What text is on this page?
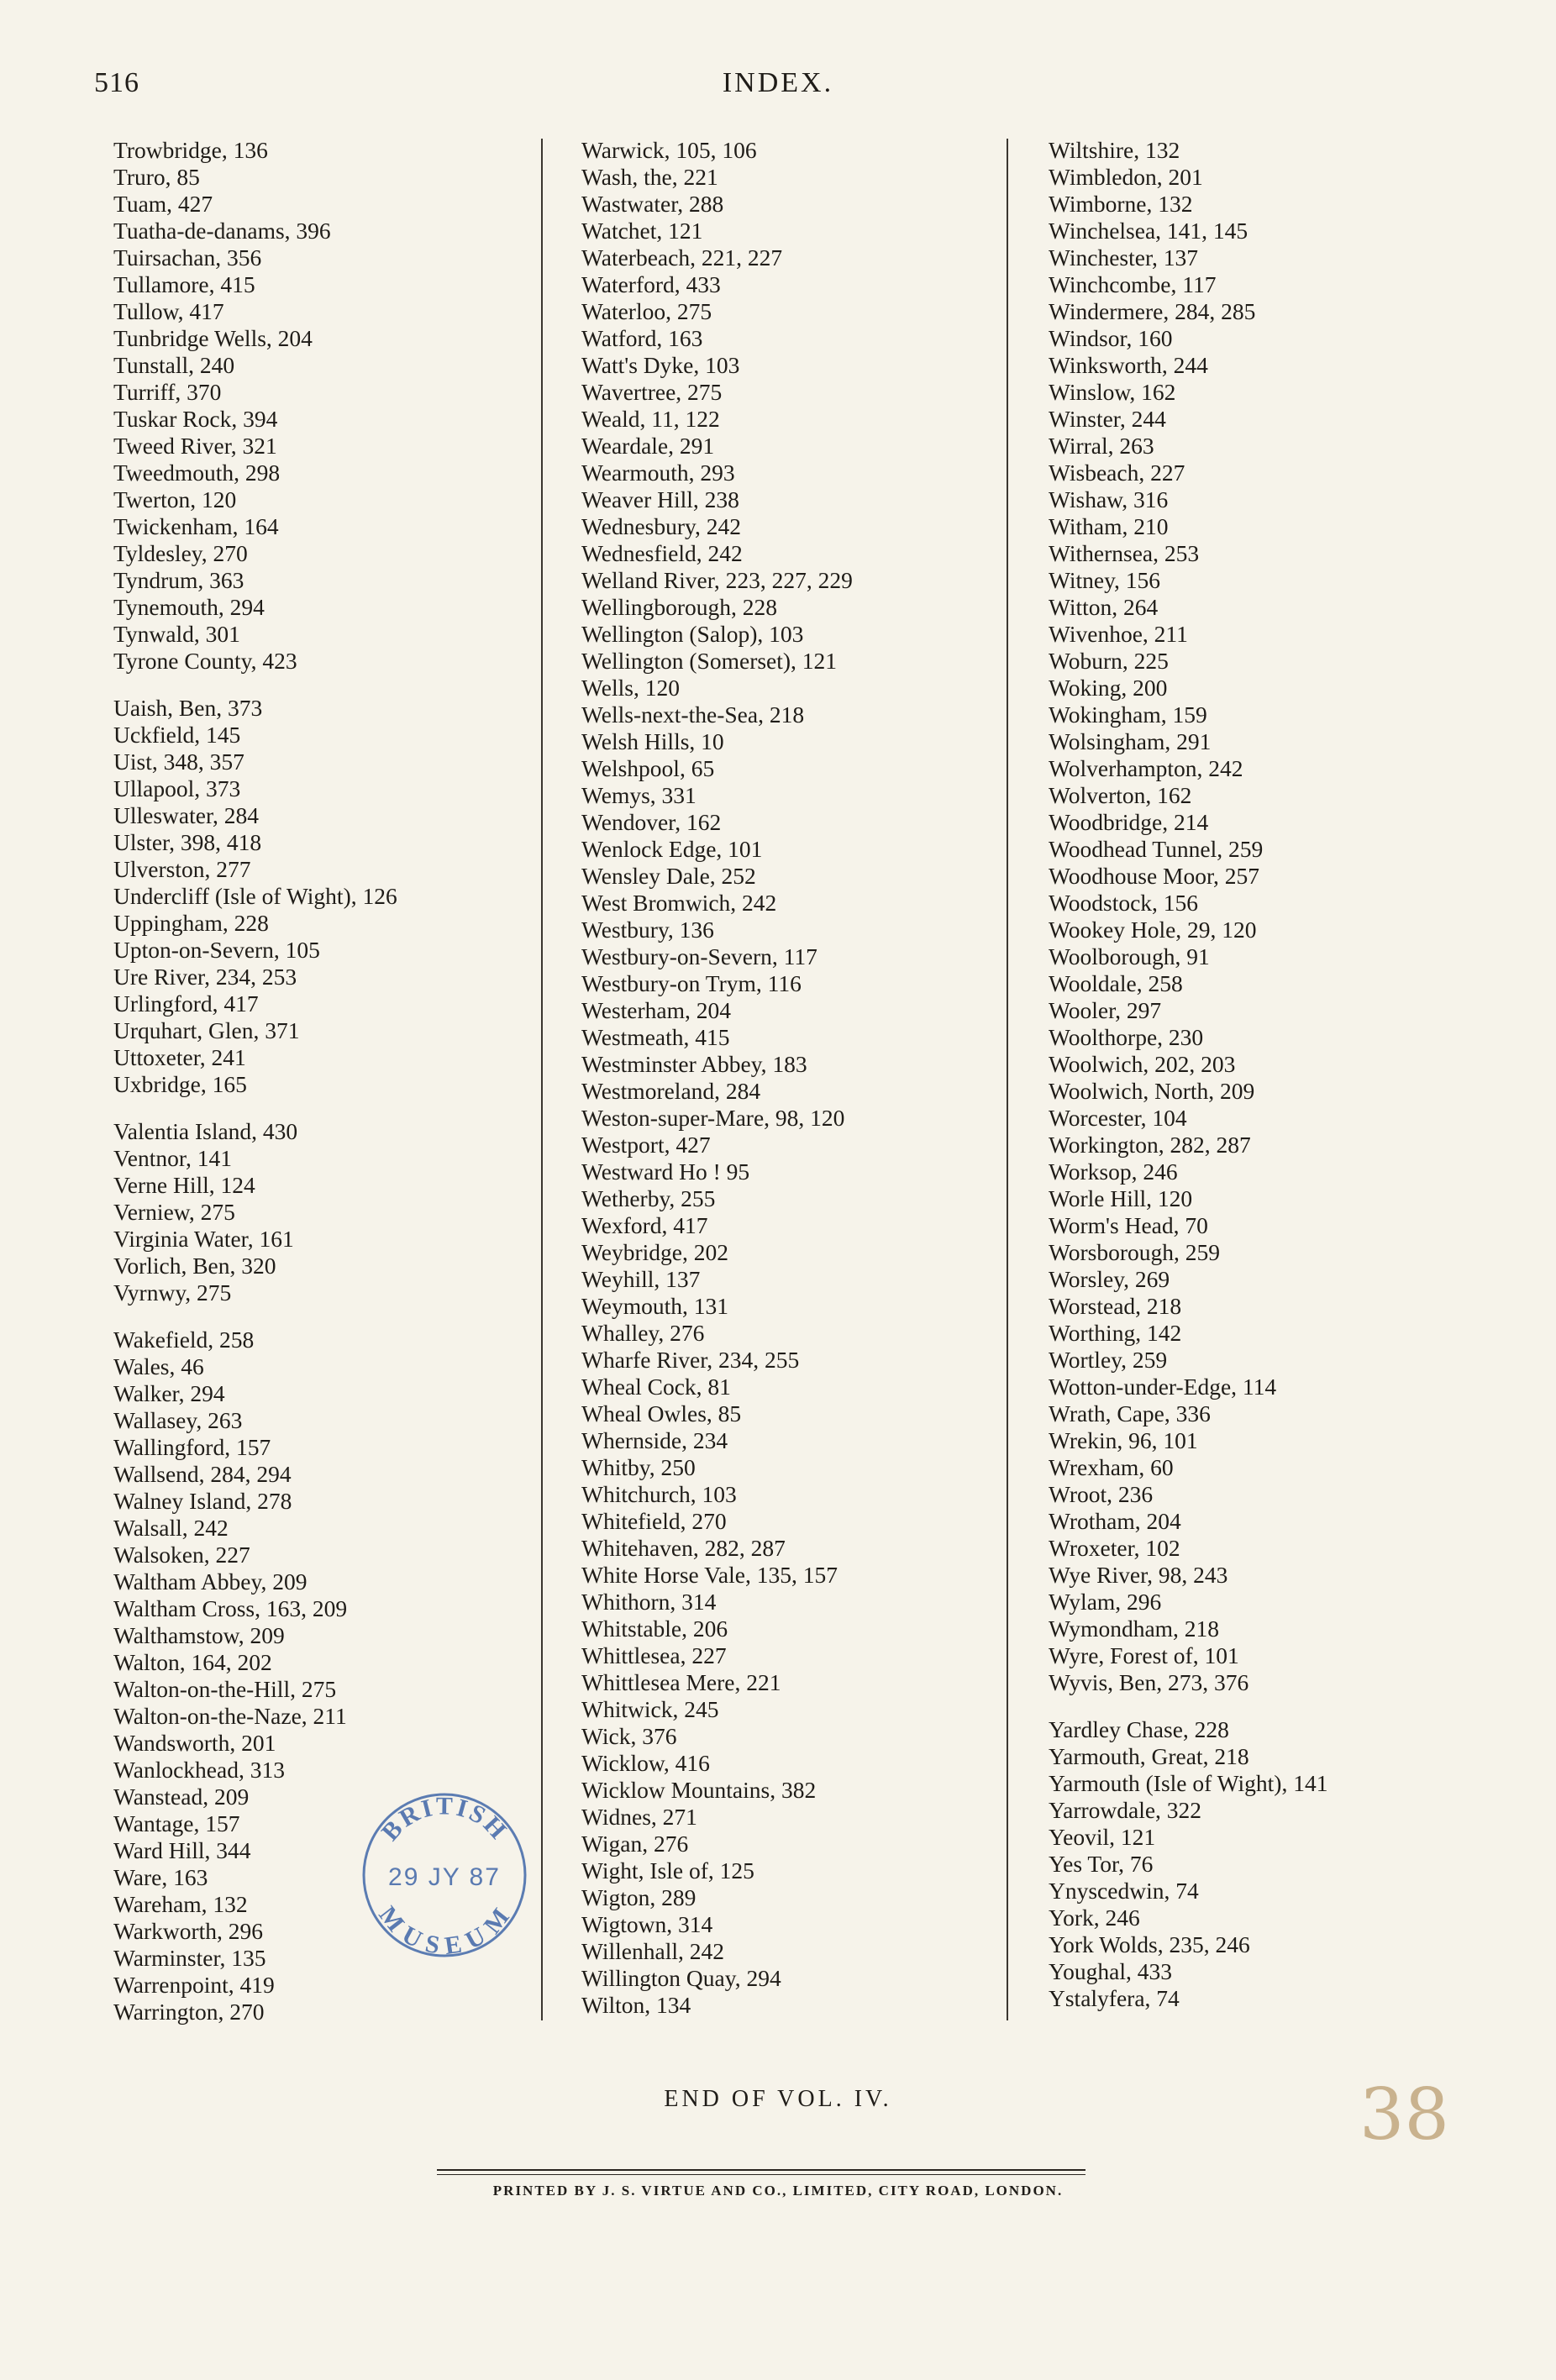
516	INDEX.
Trowbridge, 136
Truro, 85
Tuam, 427
Tuatha-de-danams, 396
Tuirsachan, 356
Tullamore, 415
Tullow, 417
Tunbridge Wells, 204
Tunstall, 240
Turriff, 370
Tuskar Rock, 394
Tweed River, 321
Tweedmouth, 298
Twerton, 120
Twickenham, 164
Tyldesley, 270
Tyndrum, 363
Tynemouth, 294
Tynwald, 301
Tyrone County, 423
Uaish, Ben, 373
Uckfield, 145
Uist, 348, 357
Ullapool, 373
Ulleswater, 284
Ulster, 398, 418
Ulverston, 277
Undercliff (Isle of Wight), 126
Uppingham, 228
Upton-on-Severn, 105
Ure River, 234, 253
Urlingford, 417
Urquhart, Glen, 371
Uttoxeter, 241
Uxbridge, 165
Valentia Island, 430
Ventnor, 141
Verne Hill, 124
Verniew, 275
Virginia Water, 161
Vorlich, Ben, 320
Vyrnwy, 275
Wakefield, 258
Wales, 46
Walker, 294
Wallasey, 263
Wallingford, 157
Wallsend, 284, 294
Walney Island, 278
Walsall, 242
Walsoken, 227
Waltham Abbey, 209
Waltham Cross, 163, 209
Walthamstow, 209
Walton, 164, 202
Walton-on-the-Hill, 275
Walton-on-the-Naze, 211
Wandsworth, 201
Wanlockhead, 313
Wanstead, 209
Wantage, 157
Ward Hill, 344
Ware, 163
Wareham, 132
Warkworth, 296
Warminster, 135
Warrenpoint, 419
Warrington, 270
Warwick, 105, 106
Wash, the, 221
Wastwater, 288
Watchet, 121
Waterbeach, 221, 227
Waterford, 433
Waterloo, 275
Watford, 163
Watt's Dyke, 103
Wavertree, 275
Weald, 11, 122
Weardale, 291
Wearmouth, 293
Weaver Hill, 238
Wednesbury, 242
Wednesfield, 242
Welland River, 223, 227, 229
Wellingborough, 228
Wellington (Salop), 103
Wellington (Somerset), 121
Wells, 120
Wells-next-the-Sea, 218
Welsh Hills, 10
Welshpool, 65
Wemys, 331
Wendover, 162
Wenlock Edge, 101
Wensley Dale, 252
West Bromwich, 242
Westbury, 136
Westbury-on-Severn, 117
Westbury-on Trym, 116
Westerham, 204
Westmeath, 415
Westminster Abbey, 183
Westmoreland, 284
Weston-super-Mare, 98, 120
Westport, 427
Westward Ho ! 95
Wetherby, 255
Wexford, 417
Weybridge, 202
Weyhill, 137
Weymouth, 131
Whalley, 276
Wharfe River, 234, 255
Wheal Cock, 81
Wheal Owles, 85
Whernside, 234
Whitby, 250
Whitchurch, 103
Whitefield, 270
Whitehaven, 282, 287
White Horse Vale, 135, 157
Whithorn, 314
Whitstable, 206
Whittlesea, 227
Whittlesea Mere, 221
Whitwick, 245
Wick, 376
Wicklow, 416
Wicklow Mountains, 382
Widnes, 271
Wigan, 276
Wight, Isle of, 125
Wigton, 289
Wigtown, 314
Willenhall, 242
Willington Quay, 294
Wilton, 134
Wiltshire, 132
Wimbledon, 201
Wimborne, 132
Winchelsea, 141, 145
Winchester, 137
Winchcombe, 117
Windermere, 284, 285
Windsor, 160
Winksworth, 244
Winslow, 162
Winster, 244
Wirral, 263
Wisbeach, 227
Wishaw, 316
Witham, 210
Withernsea, 253
Witney, 156
Witton, 264
Wivenhoe, 211
Woburn, 225
Woking, 200
Wokingham, 159
Wolsingham, 291
Wolverhampton, 242
Wolverton, 162
Woodbridge, 214
Woodhead Tunnel, 259
Woodhouse Moor, 257
Woodstock, 156
Wookey Hole, 29, 120
Woolborough, 91
Wooldale, 258
Wooler, 297
Woolthorpe, 230
Woolwich, 202, 203
Woolwich, North, 209
Worcester, 104
Workington, 282, 287
Worksop, 246
Worle Hill, 120
Worm's Head, 70
Worsborough, 259
Worsley, 269
Worstead, 218
Worthing, 142
Wortley, 259
Wotton-under-Edge, 114
Wrath, Cape, 336
Wrekin, 96, 101
Wrexham, 60
Wroot, 236
Wrotham, 204
Wroxeter, 102
Wye River, 98, 243
Wylam, 296
Wymondham, 218
Wyre, Forest of, 101
Wyvis, Ben, 273, 376
Yardley Chase, 228
Yarmouth, Great, 218
Yarmouth (Isle of Wight), 141
Yarrowdale, 322
Yeovil, 121
Yes Tor, 76
Ynyscedwin, 74
York, 246
York Wolds, 235, 246
Youghal, 433
Ystalyfera, 74
BRITISH
29 JY 87
MUSEUM
END OF VOL. IV.
PRINTED BY J. S. VIRTUE AND CO., LIMITED, CITY ROAD, LONDON.
38
